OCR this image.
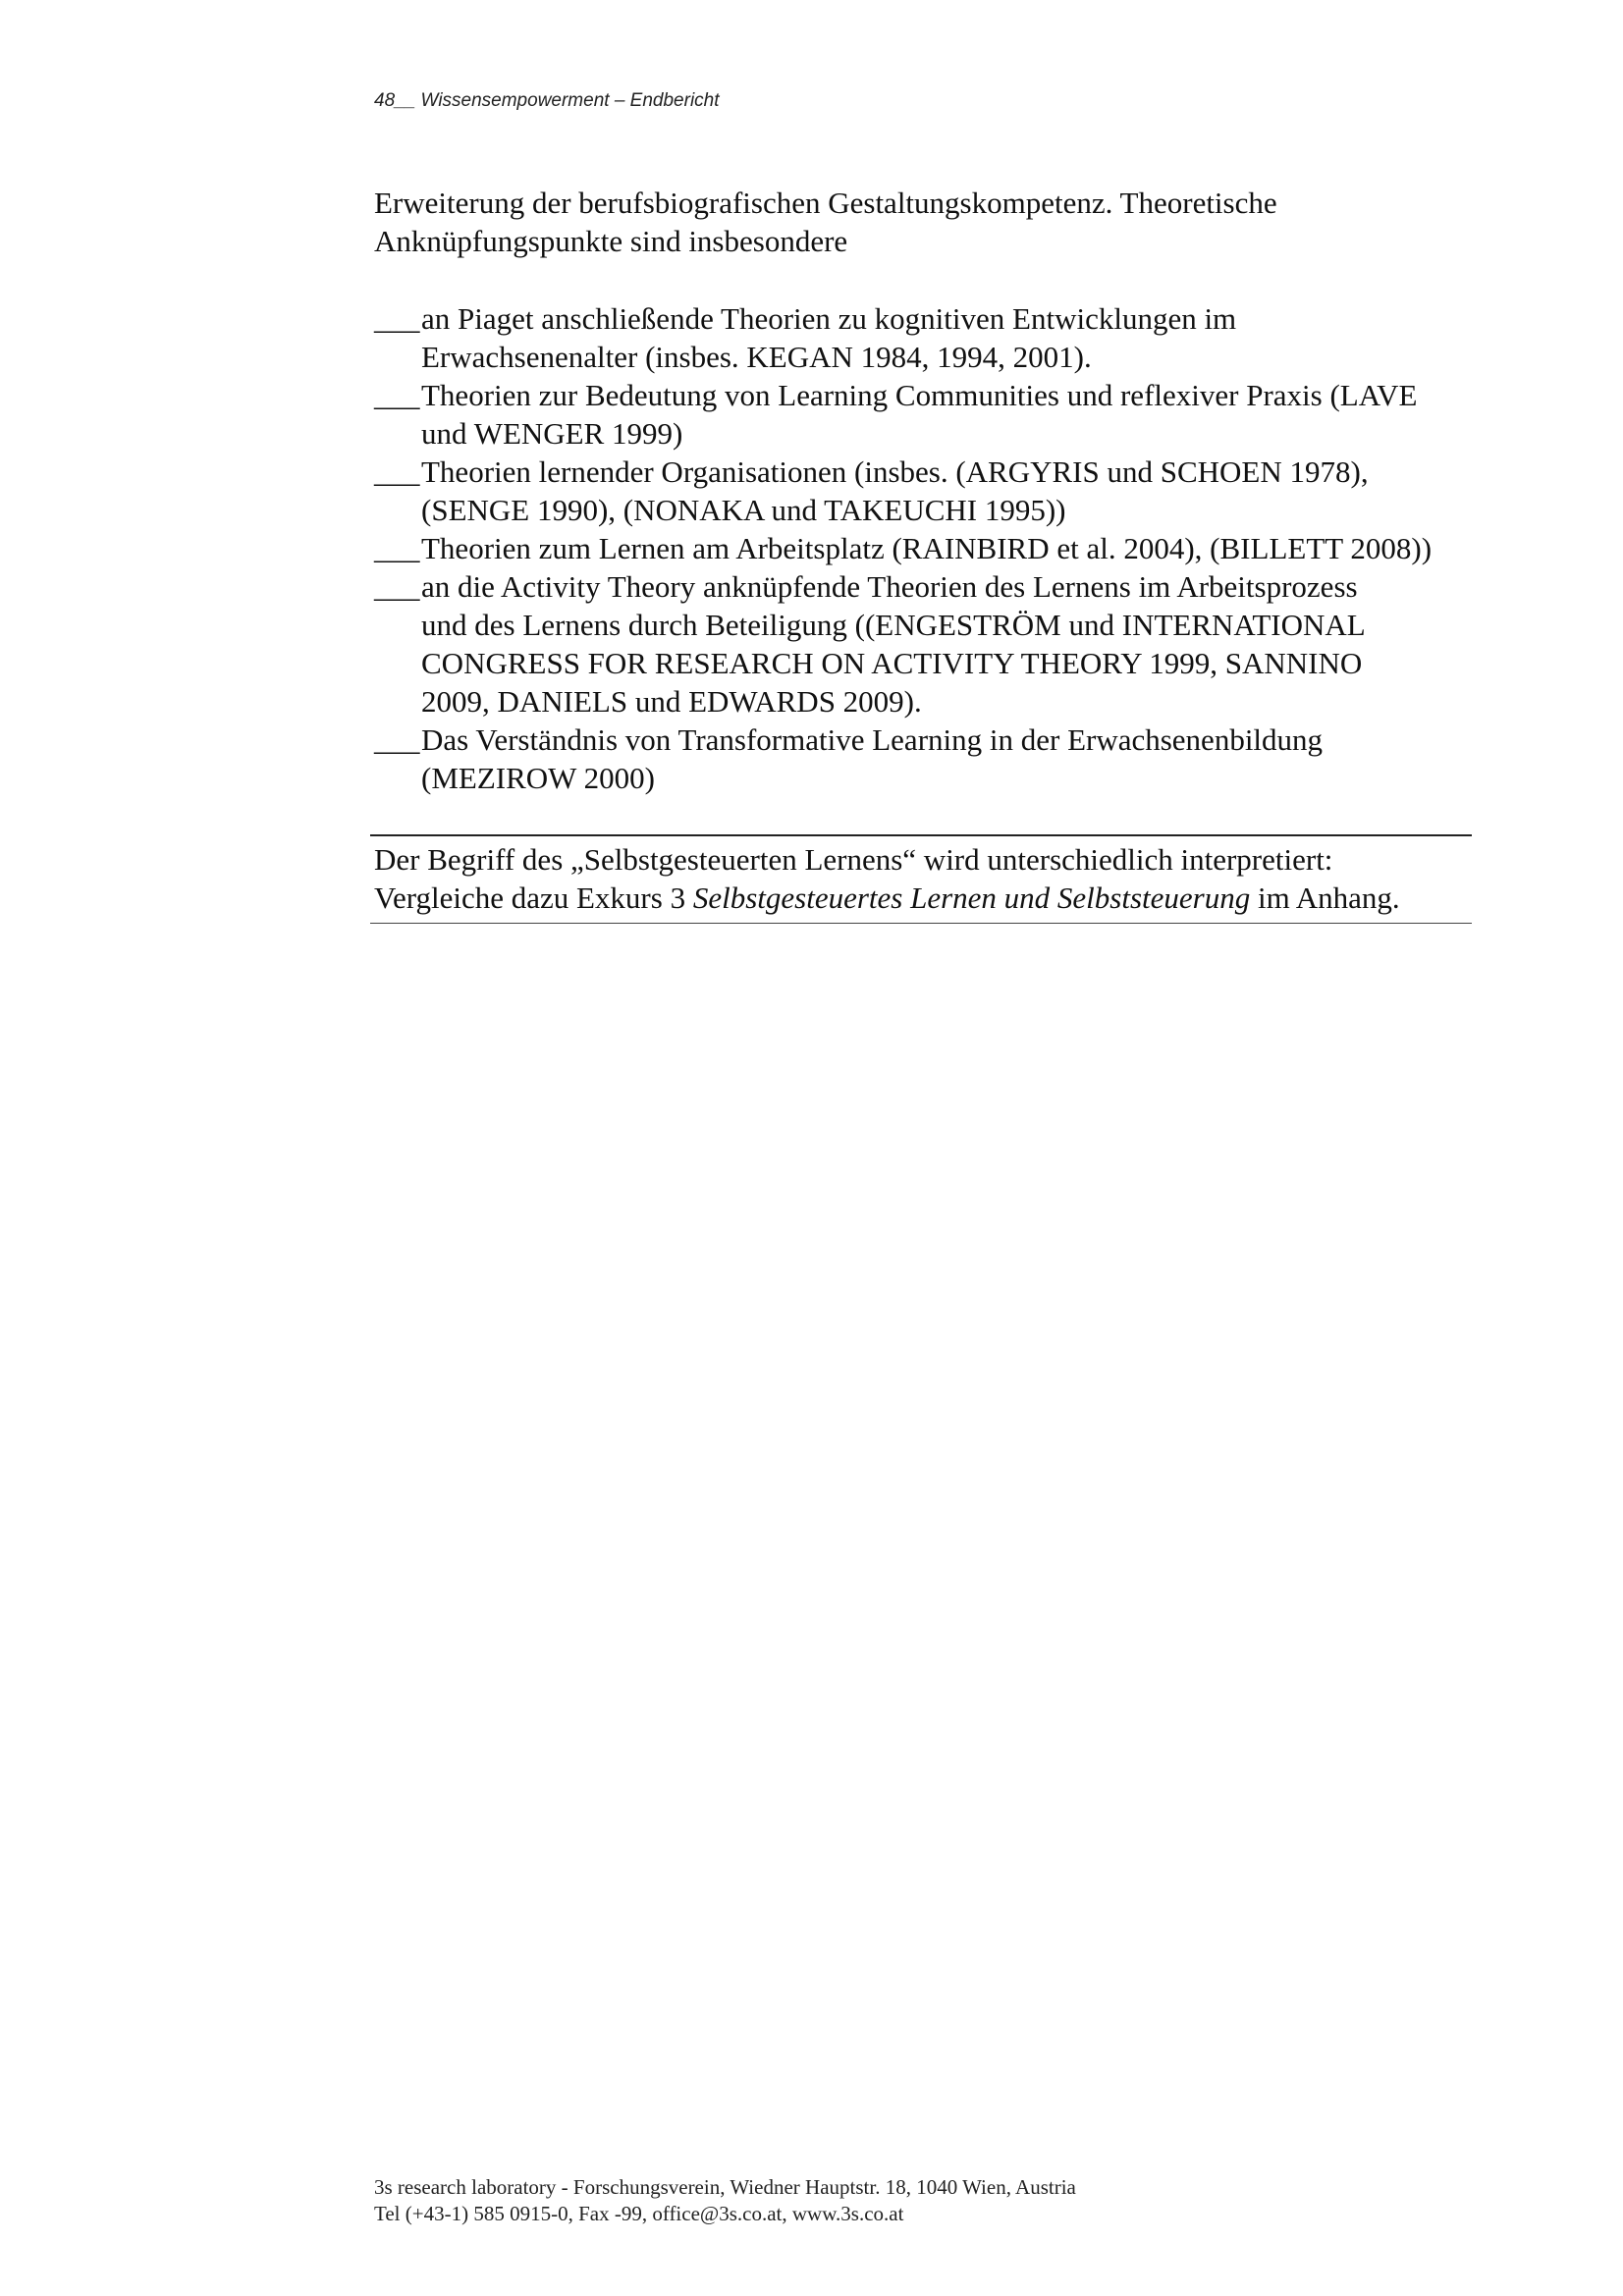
48__ Wissensempowerment – Endbericht
Erweiterung der berufsbiografischen Gestaltungskompetenz. Theoretische
Anknüpfungspunkte sind insbesondere
___ an Piaget anschließende Theorien zu kognitiven Entwicklungen im
Erwachsenenalter (insbes. KEGAN 1984, 1994, 2001).
___ Theorien zur Bedeutung von Learning Communities und reflexiver Praxis (LAVE
und WENGER 1999)
___ Theorien lernender Organisationen (insbes. (ARGYRIS und SCHOEN 1978),
(SENGE 1990), (NONAKA und TAKEUCHI 1995))
___ Theorien zum Lernen am Arbeitsplatz (RAINBIRD et al. 2004), (BILLETT 2008))
___ an die Activity Theory anknüpfende Theorien des Lernens im Arbeitsprozess
und des Lernens durch Beteiligung ((ENGESTRÖM und INTERNATIONAL
CONGRESS FOR RESEARCH ON ACTIVITY THEORY 1999, SANNINO
2009, DANIELS und EDWARDS 2009).
___ Das Verständnis von Transformative Learning in der Erwachsenenbildung
(MEZIROW 2000)
Der Begriff des „Selbstgesteuerten Lernens“ wird unterschiedlich interpretiert:
Vergleiche dazu Exkurs 3 Selbstgesteuertes Lernen und Selbststeuerung im Anhang.
3s research laboratory - Forschungsverein, Wiedner Hauptstr. 18, 1040 Wien, Austria
Tel (+43-1) 585 0915-0, Fax -99, office@3s.co.at, www.3s.co.at
